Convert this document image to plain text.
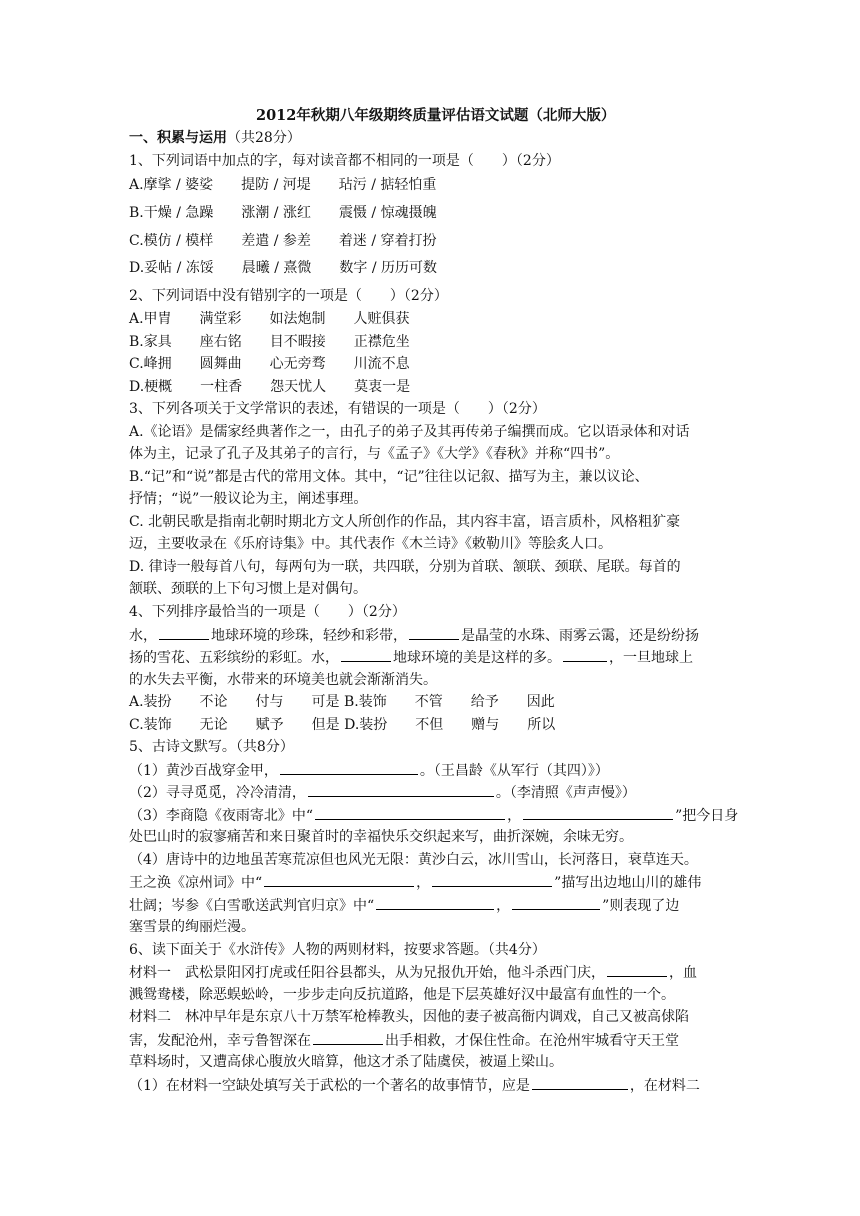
2012年秋期八年级期终质量评估语文试题（北师大版）
一、积累与运用（共28分）
1、下列词语中加点的字，每对读音都不相同的一项是（　　）（2分）
A.摩挲 / 婆娑　　提防 / 河堤　　玷污 / 掂轻怕重
B.干燥 / 急躁　　涨潮 / 涨红　　震慑 / 惊魂摄魄
C.模仿 / 模样　　差遣 / 参差　　着迷 / 穿着打扮
D.妥帖 / 冻馁　　晨曦 / 熹微　　数字 / 历历可数
2、下列词语中没有错别字的一项是（　　）（2分）
A.甲胄　　满堂彩　　如法炮制　　人赃俱获
B.家具　　座右铭　　目不暇接　　正襟危坐
C.峰拥　　圆舞曲　　心无旁骛　　川流不息
D.梗概　　一柱香　　怨天忧人　　莫衷一是
3、下列各项关于文学常识的表述，有错误的一项是（　　）（2分）
A.《论语》是儒家经典著作之一，由孔子的弟子及其再传弟子编撰而成。它以语录体和对话
体为主，记录了孔子及其弟子的言行，与《孟子》《大学》《春秋》并称“四书”。
B.“记”和“说”都是古代的常用文体。其中，“记”往往以记叙、描写为主，兼以议论、
抒情；“说”一般议论为主，阐述事理。
C. 北朝民歌是指南北朝时期北方文人所创作的作品，其内容丰富，语言质朴，风格粗犷豪
迈，主要收录在《乐府诗集》中。其代表作《木兰诗》《敕勒川》等脍炙人口。
D. 律诗一般每首八句，每两句为一联，共四联，分别为首联、颔联、颈联、尾联。每首的
颔联、颈联的上下句习惯上是对偶句。
4、下列排序最恰当的一项是（　　）（2分）
水，	地球环境的珍珠，轻纱和彩带，	是晶莹的水珠、雨雾云霭，还是纷纷扬
扬的雪花、五彩缤纷的彩虹。水，	地球环境的美是这样的多。	，一旦地球上
的水失去平衡，水带来的环境美也就会渐渐消失。
A.装扮　　不论　　付与　　可是 B.装饰　　不管　　给予　　因此
C.装饰　　无论　　赋予　　但是 D.装扮　　不但　　赠与　　所以
5、古诗文默写。（共8分）
（1）黄沙百战穿金甲，	。（王昌龄《从军行（其四）》）
（2）寻寻觅觅，冷冷清清，	。（李清照《声声慢》）
（3）李商隐《夜雨寄北》中“	，	”把今日身
处巴山时的寂寥痛苦和来日聚首时的幸福快乐交织起来写，曲折深婉，余味无穷。
（4）唐诗中的边地虽苦寒荒凉但也风光无限：黄沙白云，冰川雪山，长河落日，衰草连天。
王之涣《凉州词》中“	，	”描写出边地山川的雄伟
壮阔；岑参《白雪歌送武判官归京》中“	，	”则表现了边
塞雪景的绚丽烂漫。
6、读下面关于《水浒传》人物的两则材料，按要求答题。（共4分）
材料一　武松景阳冈打虎或任阳谷县都头，从为兄报仇开始，他斗杀西门庆，	，血
溅鸳鸯楼，除恶蜈蚣岭，一步步走向反抗道路，他是下层英雄好汉中最富有血性的一个。
材料二　林冲早年是东京八十万禁军枪棒教头，因他的妻子被高衙内调戏，自己又被高俅陷
害，发配沧州，幸亏鲁智深在	出手相救，才保住性命。在沧州牢城看守天王堂
草料场时，又遭高俅心腹放火暗算，他这才杀了陆虞侯，被逼上梁山。
（1）在材料一空缺处填写关于武松的一个著名的故事情节，应是	，在材料二
